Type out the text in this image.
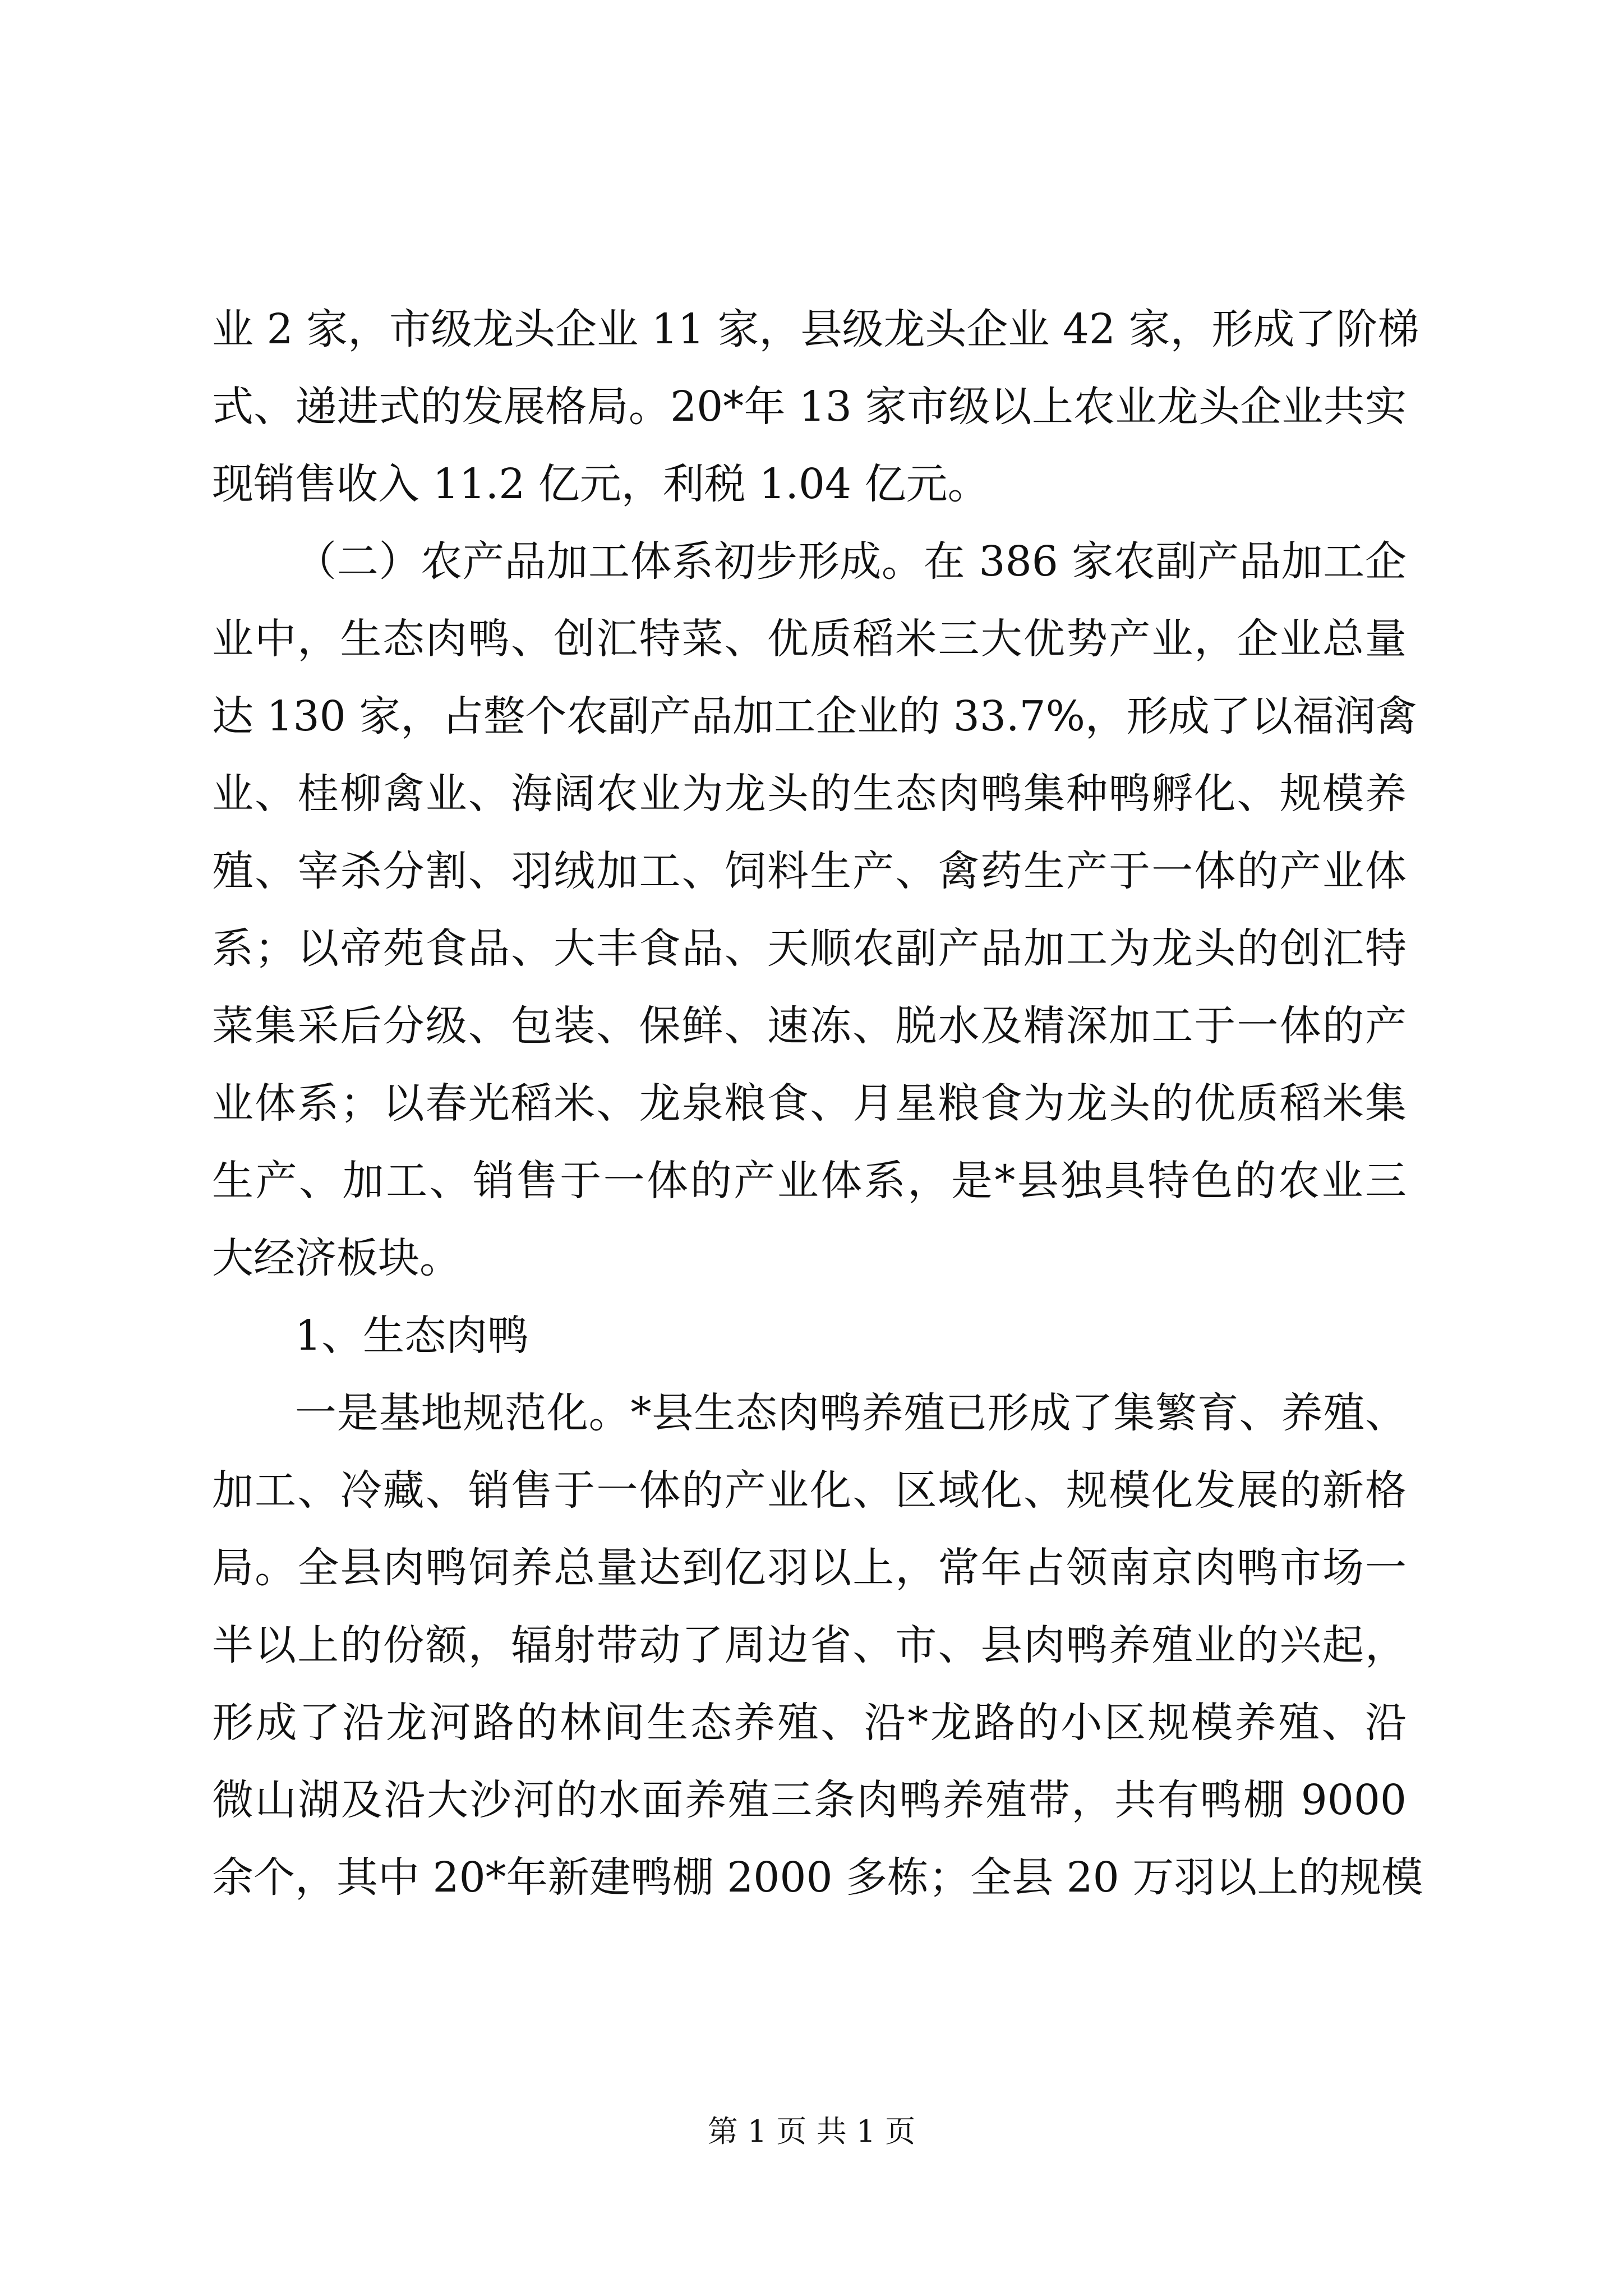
业 2 家，市级龙头企业 11 家，县级龙头企业 42 家，形成了阶梯
式、递进式的发展格局。20*年 13 家市级以上农业龙头企业共实
现销售收入 11.2 亿元，利税 1.04 亿元。
（二）农产品加工体系初步形成。在 386 家农副产品加工企
业中，生态肉鸭、创汇特菜、优质稻米三大优势产业，企业总量
达 130 家，占整个农副产品加工企业的 33.7%，形成了以福润禽
业、桂柳禽业、海阔农业为龙头的生态肉鸭集种鸭孵化、规模养
殖、宰杀分割、羽绒加工、饲料生产、禽药生产于一体的产业体
系；以帝苑食品、大丰食品、天顺农副产品加工为龙头的创汇特
菜集采后分级、包装、保鲜、速冻、脱水及精深加工于一体的产
业体系；以春光稻米、龙泉粮食、月星粮食为龙头的优质稻米集
生产、加工、销售于一体的产业体系，是*县独具特色的农业三
大经济板块。
1、生态肉鸭
一是基地规范化。*县生态肉鸭养殖已形成了集繁育、养殖、
加工、冷藏、销售于一体的产业化、区域化、规模化发展的新格
局。全县肉鸭饲养总量达到亿羽以上，常年占领南京肉鸭市场一
半以上的份额，辐射带动了周边省、市、县肉鸭养殖业的兴起，
形成了沿龙河路的林间生态养殖、沿*龙路的小区规模养殖、沿
微山湖及沿大沙河的水面养殖三条肉鸭养殖带，共有鸭棚 9000
余个，其中 20*年新建鸭棚 2000 多栋；全县 20 万羽以上的规模
第 1 页 共 1 页
